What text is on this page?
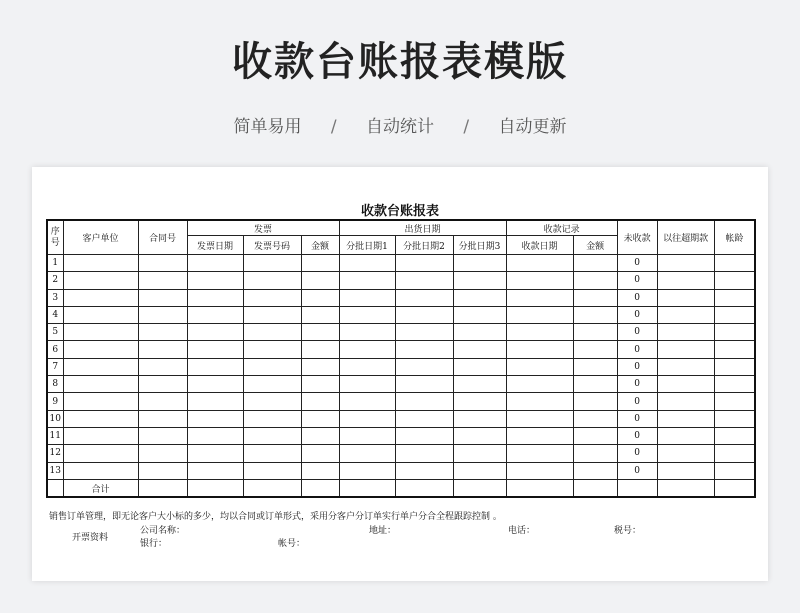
收款台账报表模版
简单易用 / 自动统计 / 自动更新
收款台账报表
序号	客户单位	合同号	发票			出货日期			收款记录		未收款	以往超期款	帐龄
			发票日期	发票号码	金额	分批日期1	分批日期2	分批日期3	收款日期	金额			
1											0		
2											0		
3											0		
4											0		
5											0		
6											0		
7											0		
8											0		
9											0		
10											0		
11											0		
12											0		
13											0		
	合计												
销售订单管理，即无论客户大小标的多少，均以合同或订单形式，采用分客户分订单实行单户分合全程跟踪控制 。
开票资料
公司名称：	地址：	电话：	税号：
银行：	帐号：
